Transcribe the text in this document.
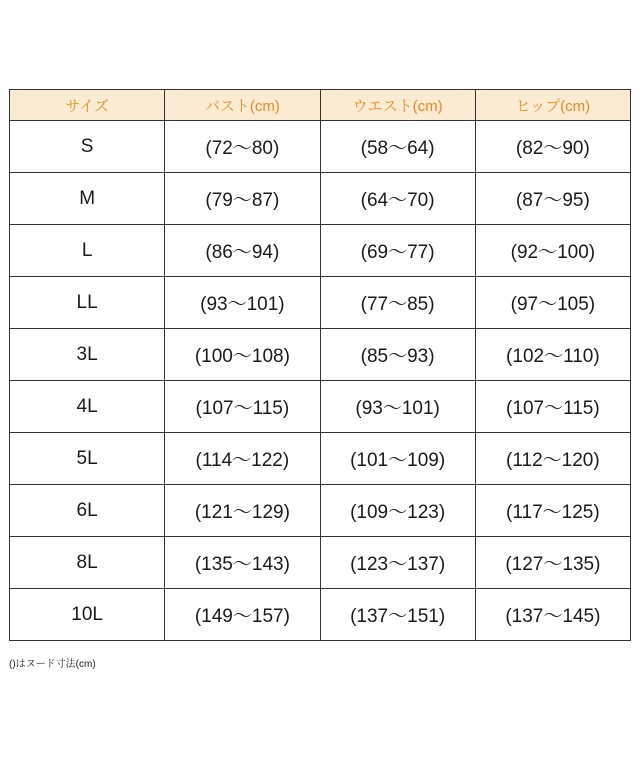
サイズ	バスト(cm)	ウエスト(cm)	ヒップ(cm)
S	(72～80)	(58～64)	(82～90)
M	(79～87)	(64～70)	(87～95)
L	(86～94)	(69～77)	(92～100)
LL	(93～101)	(77～85)	(97～105)
3L	(100～108)	(85～93)	(102～110)
4L	(107～115)	(93～101)	(107～115)
5L	(114～122)	(101～109)	(112～120)
6L	(121～129)	(109～123)	(117～125)
8L	(135～143)	(123～137)	(127～135)
10L	(149～157)	(137～151)	(137～145)
()はヌード寸法(cm)
